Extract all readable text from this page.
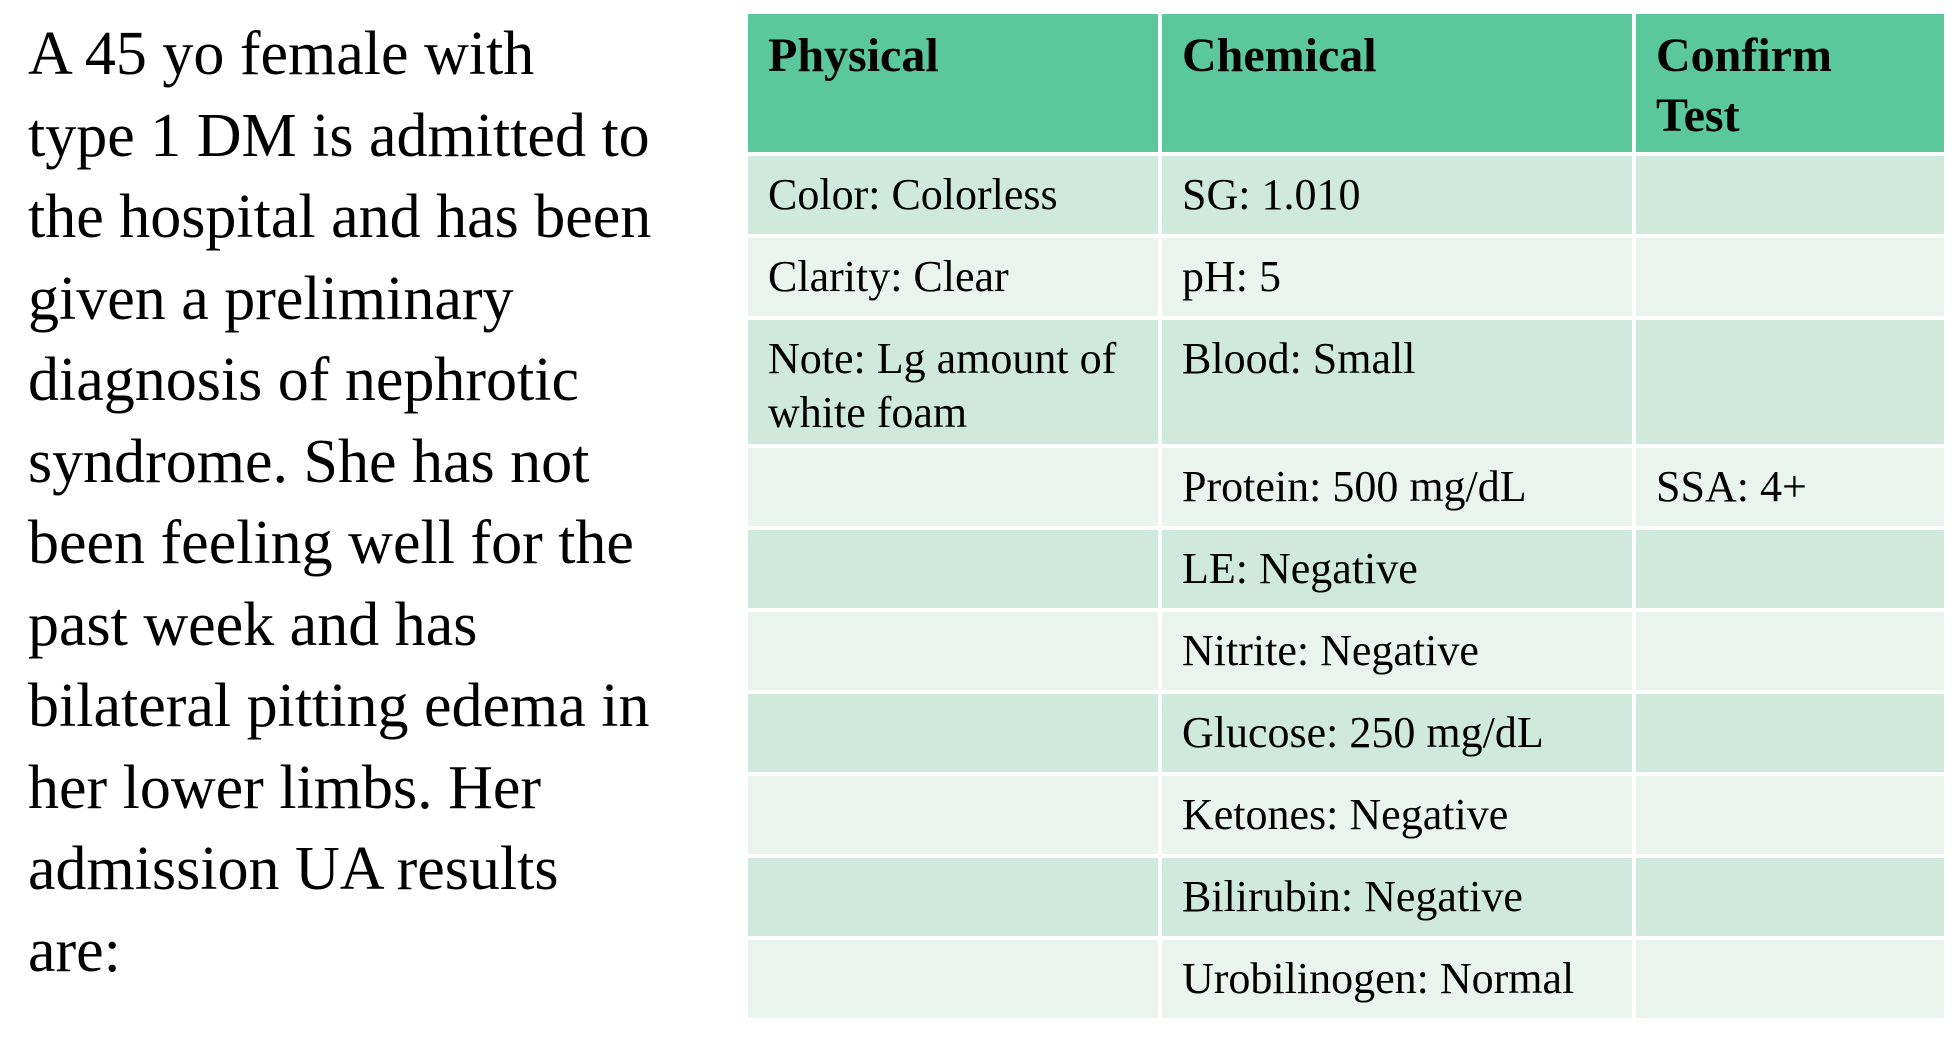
A 45 yo female with
type 1 DM is admitted to
the hospital and has been
given a preliminary
diagnosis of nephrotic
syndrome. She has not
been feeling well for the
past week and has
bilateral pitting edema in
her lower limbs. Her
admission UA results
are:
Physical	Chemical	Confirm Test
Color: Colorless	SG: 1.010	
Clarity: Clear	pH: 5	
Note: Lg amount of white foam	Blood: Small	
	Protein: 500 mg/dL	SSA: 4+
	LE: Negative	
	Nitrite: Negative	
	Glucose: 250 mg/dL	
	Ketones: Negative	
	Bilirubin: Negative	
	Urobilinogen: Normal	
